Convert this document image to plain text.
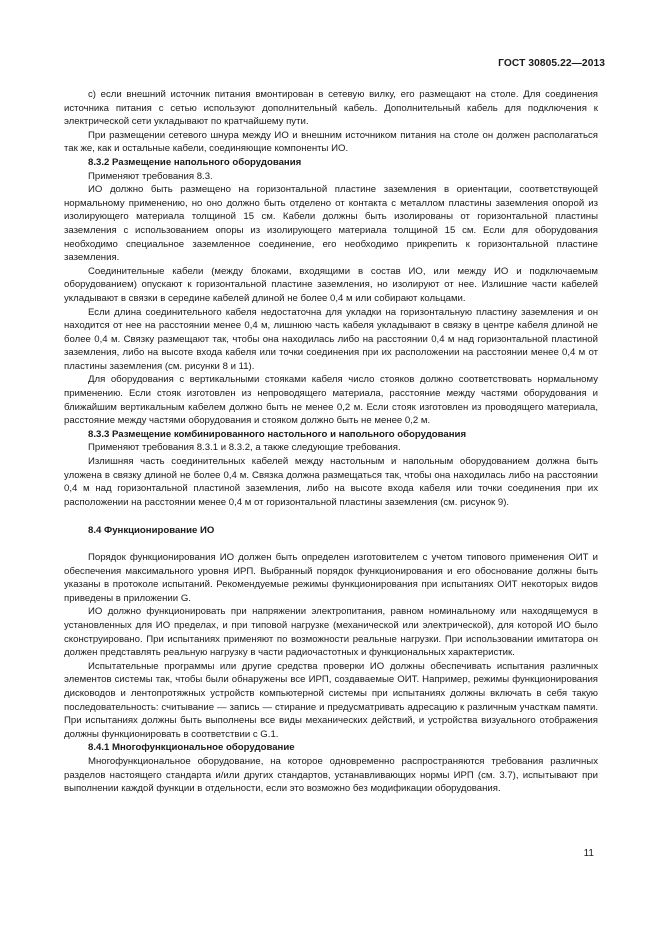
ГОСТ 30805.22—2013

с) если внешний источник питания вмонтирован в сетевую вилку, его размещают на столе. Для соединения источника питания с сетью используют дополнительный кабель. Дополнительный кабель для подключения к электрической сети укладывают по кратчайшему пути.

При размещении сетевого шнура между ИО и внешним источником питания на столе он должен располагаться так же, как и остальные кабели, соединяющие компоненты ИО.

8.3.2 Размещение напольного оборудования

Применяют требования 8.3.

ИО должно быть размещено на горизонтальной пластине заземления в ориентации, соответствующей нормальному применению, но оно должно быть отделено от контакта с металлом пластины заземления опорой из изолирующего материала толщиной 15 см. Кабели должны быть изолированы от горизонтальной пластины заземления с использованием опоры из изолирующего материала толщиной 15 см. Если для оборудования необходимо специальное заземленное соединение, его необходимо прикрепить к горизонтальной пластине заземления.

Соединительные кабели (между блоками, входящими в состав ИО, или между ИО и подключаемым оборудованием) опускают к горизонтальной пластине заземления, но изолируют от нее. Излишние части кабелей укладывают в связки в середине кабелей длиной не более 0,4 м или собирают кольцами.

Если длина соединительного кабеля недостаточна для укладки на горизонтальную пластину заземления и он находится от нее на расстоянии менее 0,4 м, лишнюю часть кабеля укладывают в связку в центре кабеля длиной не более 0,4 м. Связку размещают так, чтобы она находилась либо на расстоянии 0,4 м над горизонтальной пластиной заземления, либо на высоте входа кабеля или точки соединения при их расположении на расстоянии менее 0,4 м от пластины заземления (см. рисунки 8 и 11).

Для оборудования с вертикальными стояками кабеля число стояков должно соответствовать нормальному применению. Если стояк изготовлен из непроводящего материала, расстояние между частями оборудования и ближайшим вертикальным кабелем должно быть не менее 0,2 м. Если стояк изготовлен из проводящего материала, расстояние между частями оборудования и стояком должно быть не менее 0,2 м.

8.3.3 Размещение комбинированного настольного и напольного оборудования

Применяют требования 8.3.1 и 8.3.2, а также следующие требования.

Излишняя часть соединительных кабелей между настольным и напольным оборудованием должна быть уложена в связку длиной не более 0,4 м. Связка должна размещаться так, чтобы она находилась либо на расстоянии 0,4 м над горизонтальной пластиной заземления, либо на высоте входа кабеля или точки соединения при их расположении на расстоянии менее 0,4 м от горизонтальной пластины заземления (см. рисунок 9).

8.4 Функционирование ИО

Порядок функционирования ИО должен быть определен изготовителем с учетом типового применения ОИТ и обеспечения максимального уровня ИРП. Выбранный порядок функционирования и его обоснование должны быть указаны в протоколе испытаний. Рекомендуемые режимы функционирования при испытаниях ОИТ некоторых видов приведены в приложении G.

ИО должно функционировать при напряжении электропитания, равном номинальному или находящемуся в установленных для ИО пределах, и при типовой нагрузке (механической или электрической), для которой ИО было сконструировано. При испытаниях применяют по возможности реальные нагрузки. При использовании имитатора он должен представлять реальную нагрузку в части радиочастотных и функциональных характеристик.

Испытательные программы или другие средства проверки ИО должны обеспечивать испытания различных элементов системы так, чтобы были обнаружены все ИРП, создаваемые ОИТ. Например, режимы функционирования дисководов и лентопротяжных устройств компьютерной системы при испытаниях должны включать в себя такую последовательность: считывание — запись — стирание и предусматривать адресацию к различным участкам памяти. При испытаниях должны быть выполнены все виды механических действий, и устройства визуального отображения должны функционировать в соответствии с G.1.

8.4.1 Многофункциональное оборудование

Многофункциональное оборудование, на которое одновременно распространяются требования различных разделов настоящего стандарта и/или других стандартов, устанавливающих нормы ИРП (см. 3.7), испытывают при выполнении каждой функции в отдельности, если это возможно без модификации оборудования.

11
